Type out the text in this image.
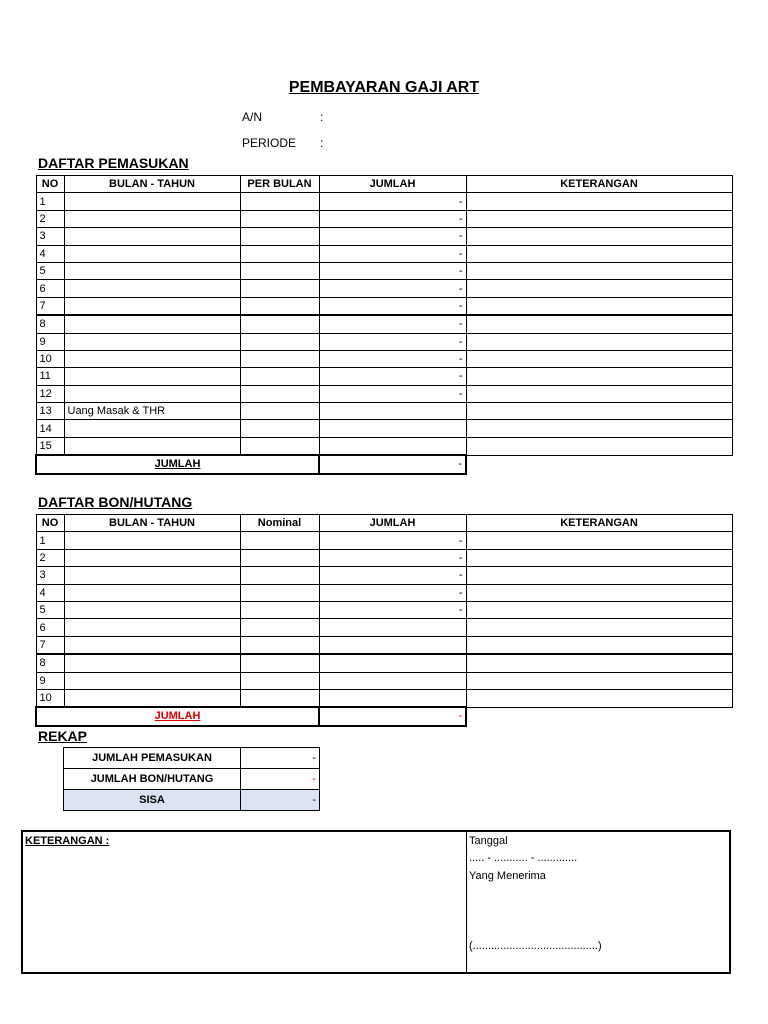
PEMBAYARAN GAJI ART
A/N	:
PERIODE :
DAFTAR PEMASUKAN
NO	BULAN - TAHUN	PER BULAN	JUMLAH	KETERANGAN
1			-	
2			-	
3			-	
4			-	
5			-	
6			-	
7			-	
8			-	
9			-	
10			-	
11			-	
12			-	
13	Uang Masak & THR			
14				
15				
JUMLAH			-	
DAFTAR BON/HUTANG
NO	BULAN - TAHUN	Nominal	JUMLAH	KETERANGAN
1			-	
2			-	
3			-	
4			-	
5			-	
6				
7				
8				
9				
10				
JUMLAH			-	
REKAP
JUMLAH PEMASUKAN	-
JUMLAH BON/HUTANG	-
SISA	-
KETERANGAN :	Tanggal
..... - ........... - .............
Yang Menerima
(.........................................)
